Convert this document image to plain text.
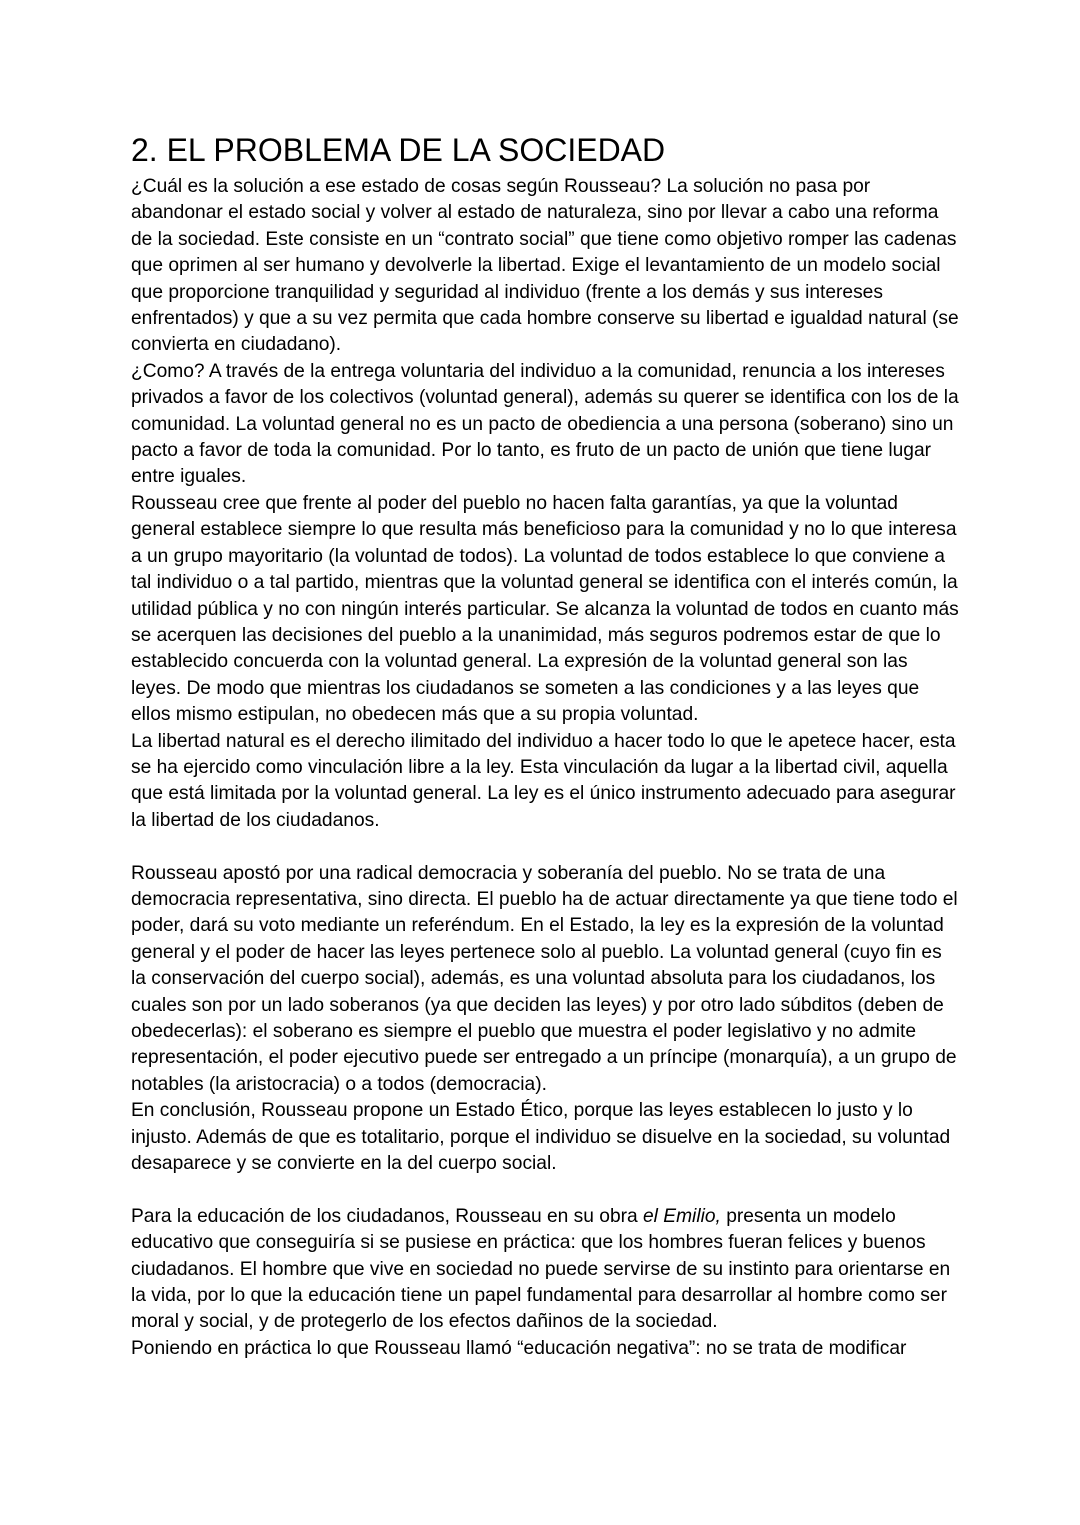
2. EL PROBLEMA DE LA SOCIEDAD

¿Cuál es la solución a ese estado de cosas según Rousseau? La solución no pasa por abandonar el estado social y volver al estado de naturaleza, sino por llevar a cabo una reforma de la sociedad. Este consiste en un “contrato social” que tiene como objetivo romper las cadenas que oprimen al ser humano y devolverle la libertad. Exige el levantamiento de un modelo social que proporcione tranquilidad y seguridad al individuo (frente a los demás y sus intereses enfrentados) y que a su vez permita que cada hombre conserve su libertad e igualdad natural (se convierta en ciudadano).

¿Como? A través de la entrega voluntaria del individuo a la comunidad, renuncia a los intereses privados a favor de los colectivos (voluntad general), además su querer se identifica con los de la comunidad. La voluntad general no es un pacto de obediencia a una persona (soberano) sino un pacto a favor de toda la comunidad. Por lo tanto, es fruto de un pacto de unión que tiene lugar entre iguales.

Rousseau cree que frente al poder del pueblo no hacen falta garantías, ya que la voluntad general establece siempre lo que resulta más beneficioso para la comunidad y no lo que interesa a un grupo mayoritario (la voluntad de todos). La voluntad de todos establece lo que conviene a tal individuo o a tal partido, mientras que la voluntad general se identifica con el interés común, la utilidad pública y no con ningún interés particular. Se alcanza la voluntad de todos en cuanto más se acerquen las decisiones del pueblo a la unanimidad, más seguros podremos estar de que lo establecido concuerda con la voluntad general. La expresión de la voluntad general son las leyes. De modo que mientras los ciudadanos se someten a las condiciones y a las leyes que ellos mismo estipulan, no obedecen más que a su propia voluntad.

La libertad natural es el derecho ilimitado del individuo a hacer todo lo que le apetece hacer, esta se ha ejercido como vinculación libre a la ley. Esta vinculación da lugar a la libertad civil, aquella que está limitada por la voluntad general. La ley es el único instrumento adecuado para asegurar la libertad de los ciudadanos.

Rousseau apostó por una radical democracia y soberanía del pueblo. No se trata de una democracia representativa, sino directa. El pueblo ha de actuar directamente ya que tiene todo el poder, dará su voto mediante un referéndum. En el Estado, la ley es la expresión de la voluntad general y el poder de hacer las leyes pertenece solo al pueblo. La voluntad general (cuyo fin es la conservación del cuerpo social), además, es una voluntad absoluta para los ciudadanos, los cuales son por un lado soberanos (ya que deciden las leyes) y por otro lado súbditos (deben de obedecerlas): el soberano es siempre el pueblo que muestra el poder legislativo y no admite representación, el poder ejecutivo puede ser entregado a un príncipe (monarquía), a un grupo de notables (la aristocracia) o a todos (democracia).

En conclusión, Rousseau propone un Estado Ético, porque las leyes establecen lo justo y lo injusto. Además de que es totalitario, porque el individuo se disuelve en la sociedad, su voluntad desaparece y se convierte en la del cuerpo social.

Para la educación de los ciudadanos, Rousseau en su obra el Emilio, presenta un modelo educativo que conseguiría si se pusiese en práctica: que los hombres fueran felices y buenos ciudadanos. El hombre que vive en sociedad no puede servirse de su instinto para orientarse en la vida, por lo que la educación tiene un papel fundamental para desarrollar al hombre como ser moral y social, y de protegerlo de los efectos dañinos de la sociedad.

Poniendo en práctica lo que Rousseau llamó “educación negativa”: no se trata de modificar
